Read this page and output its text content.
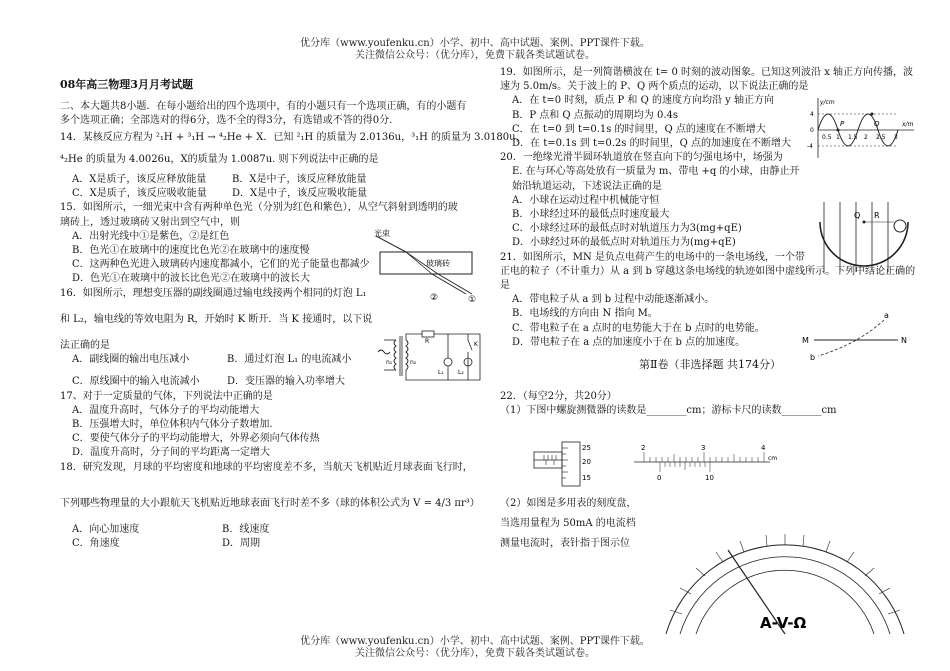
优分库（www.youfenku.cn）小学、初中、高中试题、案例、PPT课件下载。
关注微信公众号：（优分库），免费下载各类试题试卷。

08年高三物理3月月考试题

二、本大题共8小题．在每小题给出的四个选项中，有的小题只有一个选项正确，有的小题有

多个选项正确；全部选对的得6分，选不全的得3分，有选错或不答的得0分.

14．某核反应方程为 ²₁H + ³₁H → ⁴₂He + X．已知 ²₁H 的质量为 2.0136u，³₁H 的质量为 3.0180u，

⁴₂He 的质量为 4.0026u，X的质量为 1.0087u. 则下列说法中正确的是

A．X是质子，该反应释放能量	B．X是中子，该反应释放能量
C．X是质子，该反应吸收能量	D．X是中子，该反应吸收能量

15．如图所示，一细光束中含有两种单色光（分别为红色和紫色），从空气斜射到透明的玻

璃砖上，透过玻璃砖又射出到空气中，则

A．出射光线中①是紫色，②是红色

B．色光①在玻璃中的速度比色光②在玻璃中的速度慢

C．这两种色光进入玻璃砖内速度都减小，它们的光子能量也都减少

D．色光①在玻璃中的波长比色光②在玻璃中的波长大

16．如图所示，理想变压器的副线圈通过输电线接两个相同的灯泡 L₁

和 L₂，输电线的等效电阻为 R，开始时 K 断开．当 K 接通时，以下说

法正确的是

A．副线圈的输出电压减小	B．通过灯泡 L₁ 的电流减小
C．原线圈中的输入电流减小	D．变压器的输入功率增大

17、对于一定质量的气体，下列说法中正确的是

A．温度升高时，气体分子的平均动能增大

B．压强增大时，单位体积内气体分子数增加.

C．要使气体分子的平均动能增大，外界必须向气体传热

D．温度升高时，分子间的平均距离一定增大

18．研究发现，月球的平均密度和地球的平均密度差不多，当航天飞机贴近月球表面飞行时，

下列哪些物理量的大小跟航天飞机贴近地球表面飞行时差不多（球的体积公式为 V = 4/3 πr³）

A．向心加速度	B．线速度
C．角速度	D．周期
光束
玻璃砖
②	①
n₁	n₂
R	K
L₁ L₂

19．如图所示，是一列简谐横波在 t= 0 时刻的波动图象。已知这列波沿 x 轴正方向传播，波

速为 5.0m/s。关于波上的 P、Q 两个质点的运动，以下说法正确的是

A．在 t=0 时刻，质点 P 和 Q 的速度方向均沿 y 轴正方向

B．P 点和 Q 点振动的周期均为 0.4s

C．在 t=0 到 t=0.1s 的时间里，Q 点的速度在不断增大

D．在 t=0.1s 到 t=0.2s 的时间里，Q 点的加速度在不断增大

20．一绝缘光滑半圆环轨道放在竖直向下的匀强电场中，场强为

E. 在与环心等高处放有一质量为 m、带电 +q 的小球，由静止开

始沿轨道运动，下述说法正确的是

A．小球在运动过程中机械能守恒

B．小球经过环的最低点时速度最大

C．小球经过环的最低点时对轨道压力为3(mg+qE)

D．小球经过环的最低点时对轨道压力为(mg+qE)

21．如图所示，MN 是负点电荷产生的电场中的一条电场线，一个带

正电的粒子（不计重力）从 a 到 b 穿越这条电场线的轨迹如图中虚线所示。下列中结论正确的

是

A．带电粒子从 a 到 b 过程中动能逐渐减小。

B．电场线的方向由 N 指向 M。

C．带电粒子在 a 点时的电势能大于在 b 点时的电势能。

D．带电粒子在 a 点的加速度小于在 b 点的加速度。

第Ⅱ卷（非选择题 共174分）

22．（每空2分，共20分）

（1）下图中螺旋测微器的读数是________cm；游标卡尺的读数________cm

（2）如图是多用表的刻度盘，

当选用量程为 50mA 的电流档

测量电流时，表针指于图示位

y/cm
x/m
4
0
-4
0.5 1 1.5 2 2.5 3
P	Q
Q R
a
b
M	N
25
20
15
2	3	4
cm
0	10
A-V-Ω
优分库（www.youfenku.cn）小学、初中、高中试题、案例、PPT课件下载。
关注微信公众号：（优分库），免费下载各类试题试卷。
